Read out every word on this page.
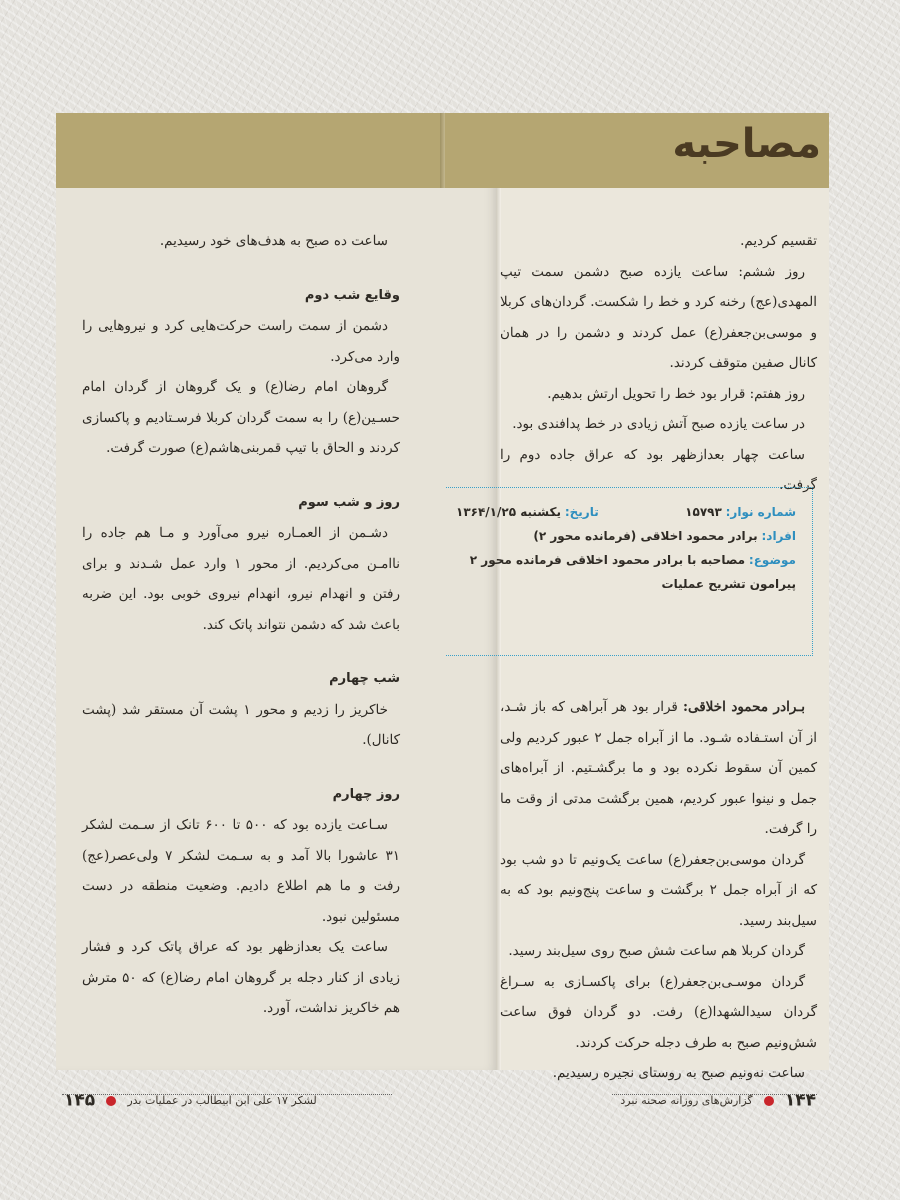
مصاحبه

تقسیم کردیم.

روز ششم: ساعت یازده صبح دشمن سمت تیپ المهدی(عج) رخنه کرد و خط را شکست. گردان‌های کربلا و موسی‌بن‌جعفر(ع) عمل کردند و دشمن را در همان کانال صفین متوقف کردند.

روز هفتم: قرار بود خط را تحویل ارتش بدهیم.

در ساعت یازده صبح آتش زیادی در خط پدافندی بود.

ساعت چهار بعدازظهر بود که عراق جاده دوم را گرفت.

شماره نوار: ۱۵۷۹۳
تاریخ: یکشنبه ۱۳۶۴/۱/۲۵
افراد: برادر محمود اخلاقی (فرمانده محور ۲)
موضوع: مصاحبه با برادر محمود اخلاقی فرمانده محور ۲ پیرامون تشریح عملیات

بـرادر محمود اخلاقی: قرار بود هر آبراهی که باز شـد، از آن استـفاده شـود. ما از آبراه جمل ۲ عبور کردیم ولی کمین آن سقوط نکرده بود و ما برگشـتیم. از آبراه‌های جمل و نینوا عبور کردیم، همین برگشت مدتی از وقت ما را گرفت.

گردان موسی‌بن‌جعفر(ع) ساعت یک‌ونیم تا دو شب بود که از آبراه جمل ۲ برگشت و ساعت پنج‌ونیم بود که به سیل‌بند رسید.

گردان کربلا هم ساعت شش صبح روی سیل‌بند رسید.

گردان موسـی‌بن‌جعفر(ع) برای پاکسـازی به سـراغ گردان سیدالشهدا(ع) رفت. دو گردان فوق ساعت شش‌ونیم صبح به طرف دجله حرکت کردند.

ساعت نه‌ونیم صبح به روستای نجیره رسیدیم.

ساعت ده صبح به هدف‌های خود رسیدیم.

وقایع شب دوم

دشمن از سمت راست حرکت‌هایی کرد و نیروهایی را وارد می‌کرد.

گروهان امام رضا(ع) و یک گروهان از گردان امام حسـین(ع) را به سمت گردان کربلا فرسـتادیم و پاکسازی کردند و الحاق با تیپ قمربنی‌هاشم(ع) صورت گرفت.

روز و شب سوم

دشـمن از العمـاره نیرو می‌آورد و مـا هم جاده را ناامـن می‌کردیم. از محور ۱ وارد عمل شـدند و برای رفتن و انهدام نیرو، انهدام نیروی خوبی بود. این ضربه باعث شد که دشمن نتواند پاتک کند.

شب چهارم

خاکریز را زدیم و محور ۱ پشت آن مستقر شد (پشت کانال).

روز چهارم

سـاعت یازده بود که ۵۰۰ تا ۶۰۰ تانک از سـمت لشکر ۳۱ عاشورا بالا آمد و به سـمت لشکر ۷ ولی‌عصر(عج) رفت و ما هم اطلاع دادیم. وضعیت منطقه در دست مسئولین نبود.

ساعت یک بعدازظهر بود که عراق پاتک کرد و فشار زیادی از کنار دجله بر گروهان امام رضا(ع) که ۵۰ مترش هم خاکریز نداشت، آورد.

۱۴۴  گزارش‌های روزانه صحنه نبرد
۱۴۵	لشکر ۱۷ علی ابن ابیطالب در عملیات بدر
